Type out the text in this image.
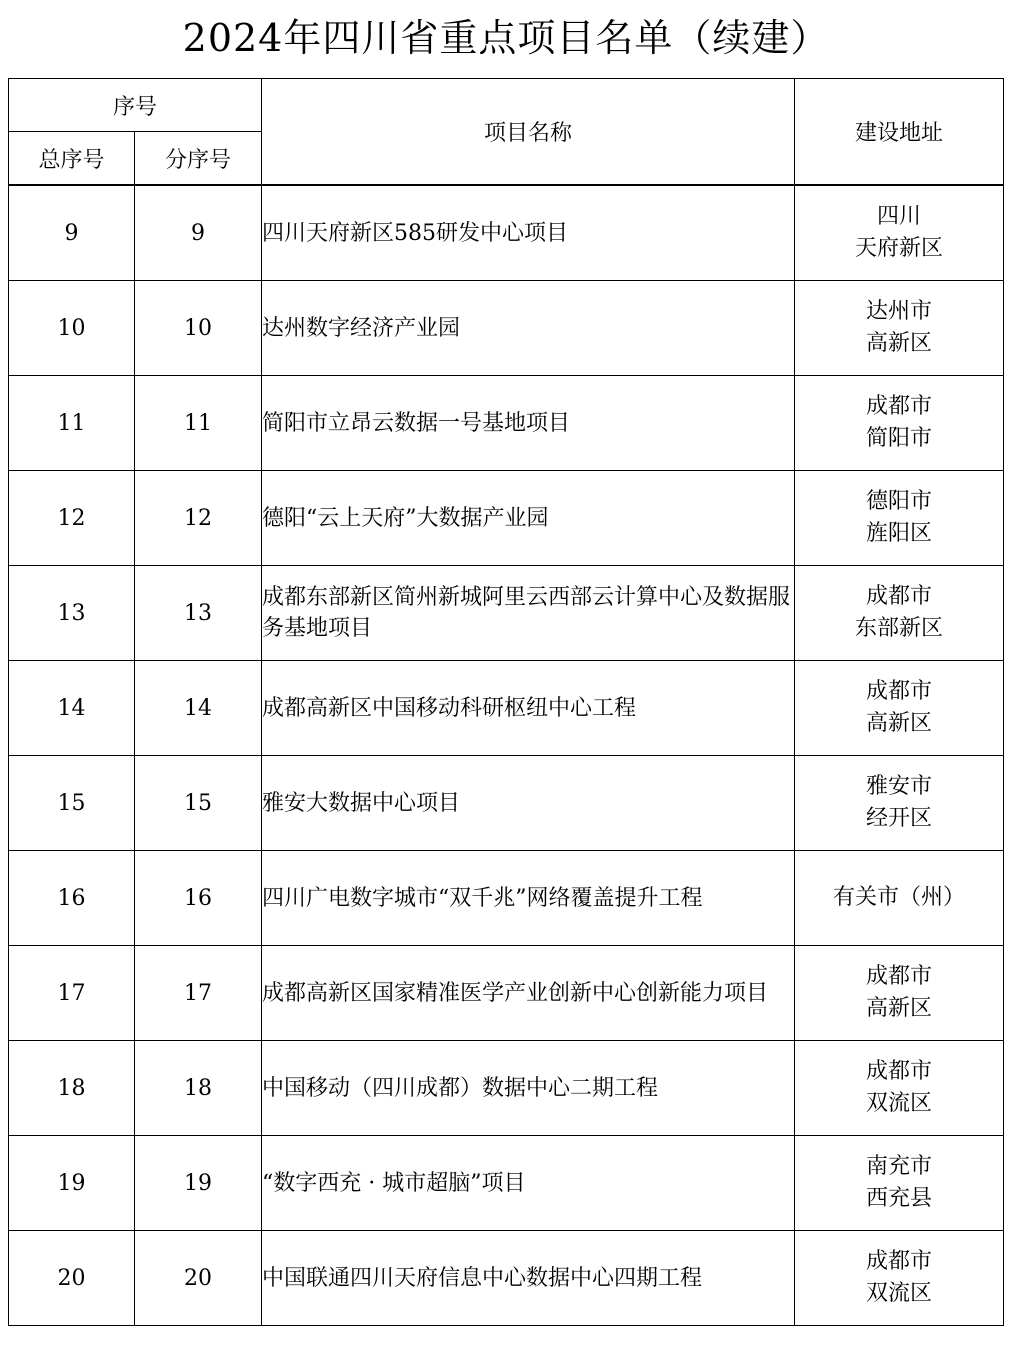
2024年四川省重点项目名单（续建）
序号		项目名称	建设地址
总序号	分序号		
9	9	四川天府新区585研发中心项目	四川
天府新区

10	10	达州数字经济产业园	达州市
高新区

11	11	简阳市立昂云数据一号基地项目	成都市
简阳市

12	12	德阳“云上天府”大数据产业园	德阳市
旌阳区

13	13	成都东部新区简州新城阿里云西部云计算中心及数据服务基地项目	成都市
东部新区

14	14	成都高新区中国移动科研枢纽中心工程	成都市
高新区

15	15	雅安大数据中心项目	雅安市
经开区

16	16	四川广电数字城市“双千兆”网络覆盖提升工程	有关市（州）

17	17	成都高新区国家精准医学产业创新中心创新能力项目	成都市
高新区

18	18	中国移动（四川成都）数据中心二期工程	成都市
双流区

19	19	“数字西充 · 城市超脑”项目	南充市
西充县

20	20	中国联通四川天府信息中心数据中心四期工程	成都市
双流区
